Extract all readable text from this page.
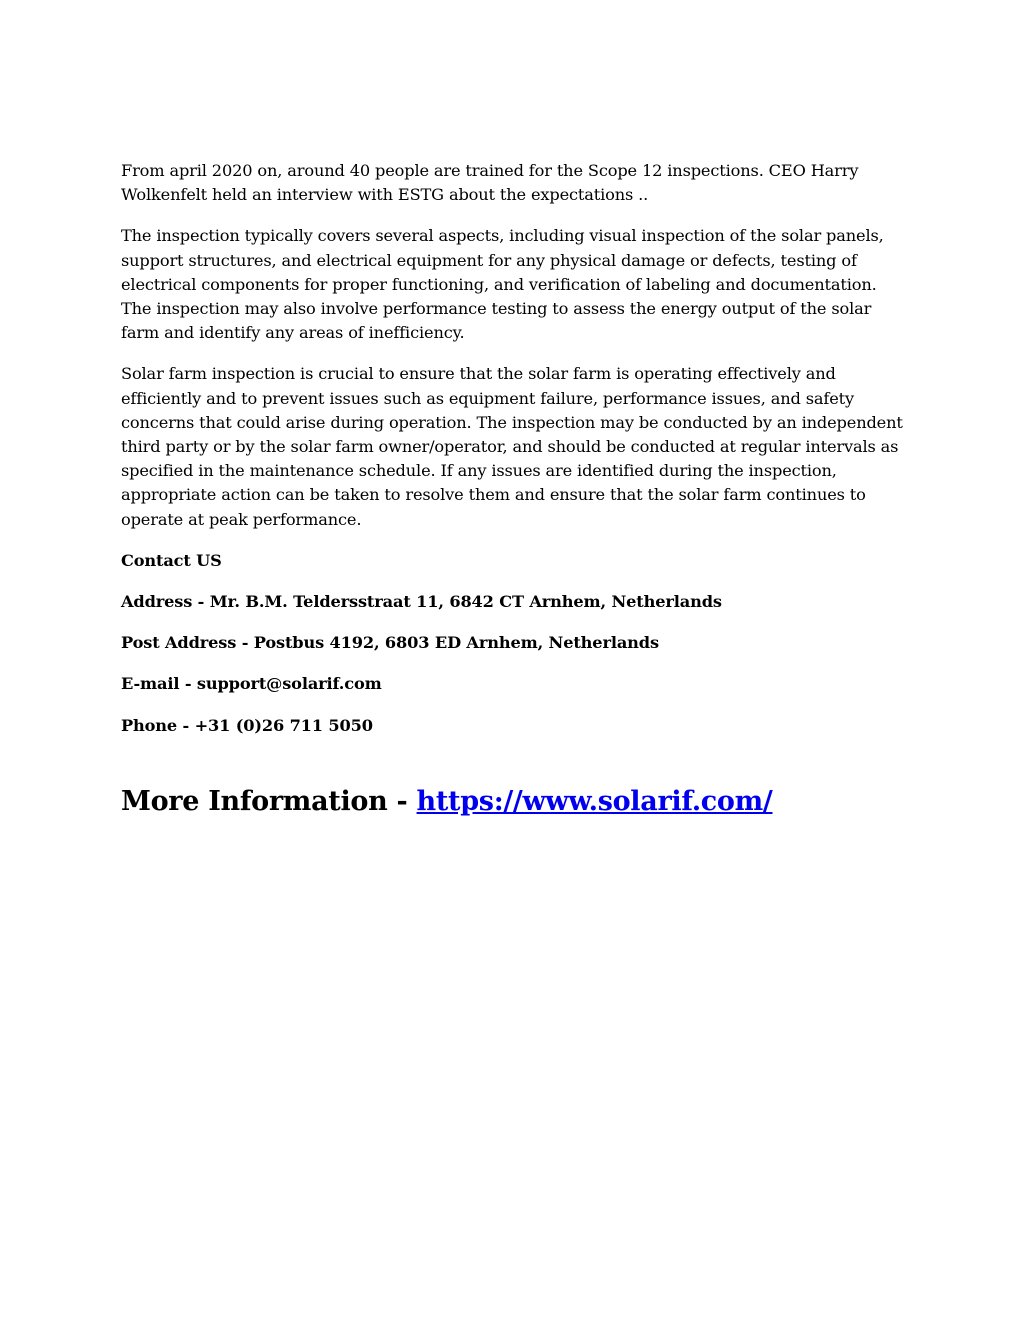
From april 2020 on, around 40 people are trained for the Scope 12 inspections. CEO Harry Wolkenfelt held an interview with ESTG about the expectations ..

The inspection typically covers several aspects, including visual inspection of the solar panels, support structures, and electrical equipment for any physical damage or defects, testing of electrical components for proper functioning, and verification of labeling and documentation. The inspection may also involve performance testing to assess the energy output of the solar farm and identify any areas of inefficiency.

Solar farm inspection is crucial to ensure that the solar farm is operating effectively and efficiently and to prevent issues such as equipment failure, performance issues, and safety concerns that could arise during operation. The inspection may be conducted by an independent third party or by the solar farm owner/operator, and should be conducted at regular intervals as specified in the maintenance schedule. If any issues are identified during the inspection, appropriate action can be taken to resolve them and ensure that the solar farm continues to operate at peak performance.

Contact US

Address - Mr. B.M. Teldersstraat 11, 6842 CT Arnhem, Netherlands

Post Address - Postbus 4192, 6803 ED Arnhem, Netherlands

E-mail - support@solarif.com

Phone - +31 (0)26 711 5050

More Information - https://www.solarif.com/
